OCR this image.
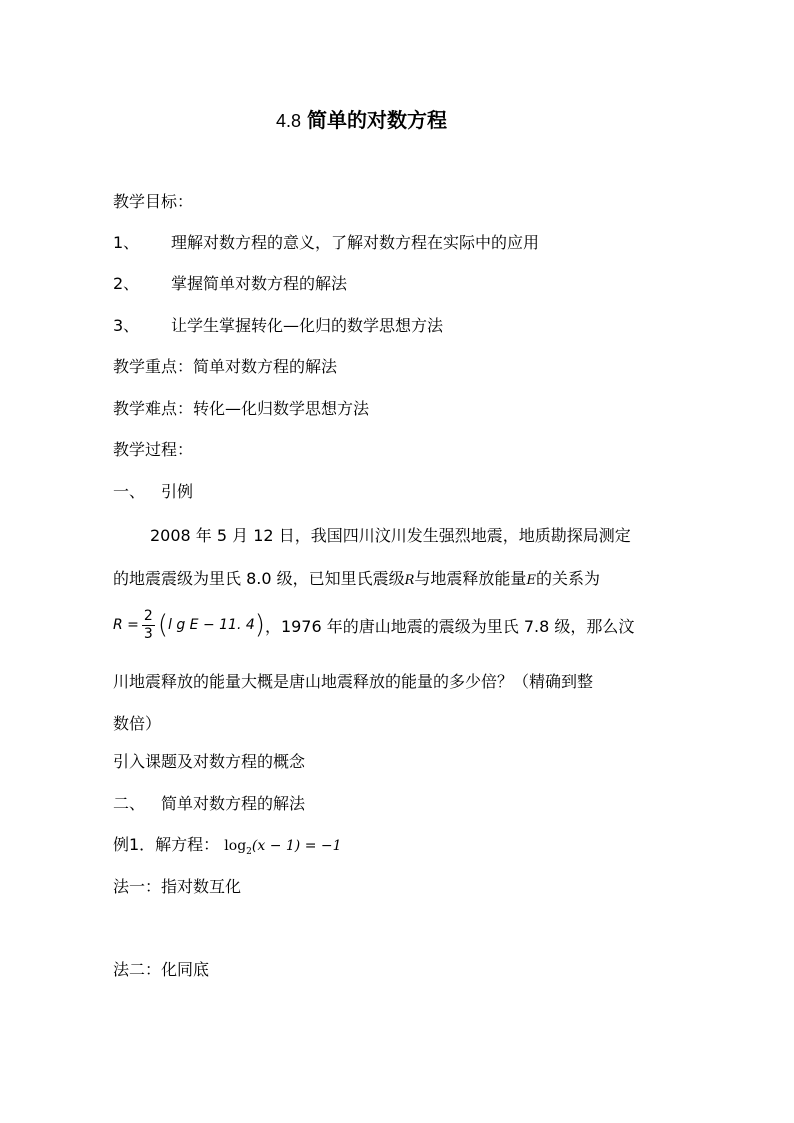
4.8 简单的对数方程
教学目标：
1、 理解对数方程的意义，了解对数方程在实际中的应用
2、 掌握简单对数方程的解法
3、 让学生掌握转化—化归的数学思想方法
教学重点：简单对数方程的解法
教学难点：转化—化归数学思想方法
教学过程：
一、 引例
2008 年 5 月 12 日，我国四川汶川发生强烈地震，地质勘探局测定
的地震震级为里氏 8.0 级，已知里氏震级R与地震释放能量E的关系为
$R = \frac{2}{3}$ ( l g E − 11. 4 ) ，1976 年的唐山地震的震级为里氏 7.8 级，那么汶
川地震释放的能量大概是唐山地震释放的能量的多少倍？（精确到整
数倍）
引入课题及对数方程的概念
二、 简单对数方程的解法
例1．解方程： $\log_2(x - 1) = -1$
法一：指对数互化
法二：化同底
